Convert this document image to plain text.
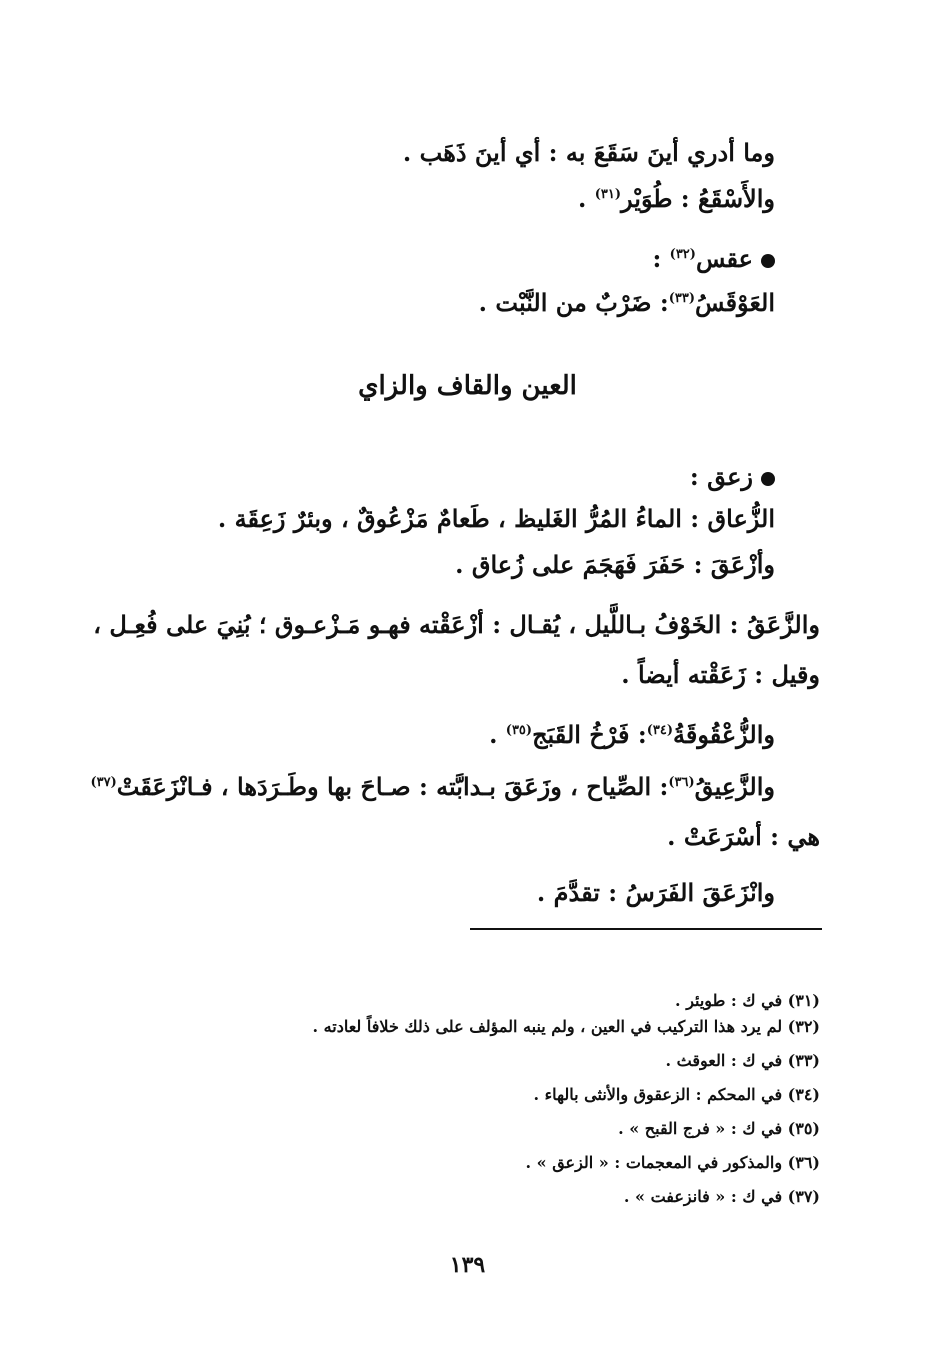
وما أدري أينَ سَقَعَ به : أي أينَ ذَهَب .
والأَسْقَعُ : طُوَيْر$^{(٣١)}$ .
عقس$^{(٣٢)}$ :
العَوْقَسُ$^{(٣٣)}$: ضَرْبٌ من النَّبْت .
العين والقاف والزاي
زعق :
الزُّعاق : الماءُ المُرُّ الغَليظ ، طَعامٌ مَزْعُوقٌ ، وبئرٌ زَعِقَة .
وأزْعَقَ : حَفَرَ فَهَجَمَ على زُعاق .
والزَّعَقُ : الخَوْفُ بـاللَّيل ، يُقـال : أزْعَقْته فهـو مَـزْعـوق ؛ بُنِيَ على فُعِـل ،
وقيل : زَعَقْته أيضاً .
والزُّعْقُوقَةُ$^{(٣٤)}$: فَرْخُ القَبَج$^{(٣٥)}$ .
والزَّعِيقُ$^{(٣٦)}$: الصِّياح ، وزَعَقَ بـدابَّته : صـاحَ بها وطَـرَدَها ، فـانْزَعَقَتْ$^{(٣٧)}$
هي : أسْرَعَتْ .
وانْزَعَقَ الفَرَسُ : تقدَّمَ .
(٣١) في ك : طويئر .
(٣٢) لم يرد هذا التركيب في العين ، ولم ينبه المؤلف على ذلك خلافاً لعادته .
(٣٣) في ك : العوقث .
(٣٤) في المحكم : الزعقوق والأنثى بالهاء .
(٣٥) في ك : « فرج القبح » .
(٣٦) والمذكور في المعجمات : « الزعق » .
(٣٧) في ك : « فانزعفت » .
١٣٩
